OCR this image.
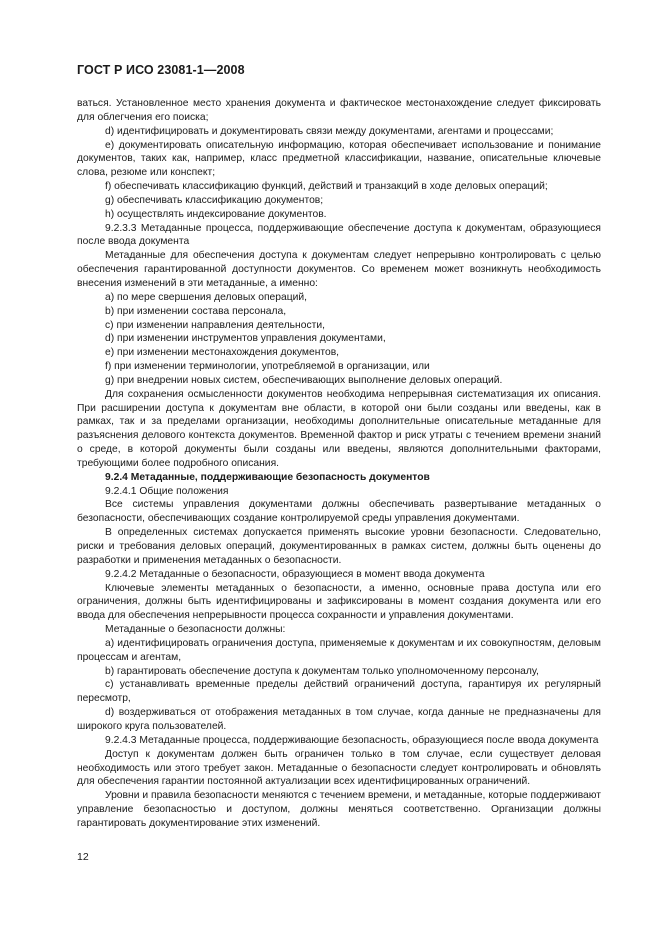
ГОСТ Р ИСО 23081-1—2008

ваться. Установленное место хранения документа и фактическое местонахождение следует фиксировать для облегчения его поиска;

d) идентифицировать и документировать связи между документами, агентами и процессами;

е) документировать описательную информацию, которая обеспечивает использование и понимание документов, таких как, например, класс предметной классификации, название, описательные ключевые слова, резюме или конспект;

f) обеспечивать классификацию функций, действий и транзакций в ходе деловых операций;

g) обеспечивать классификацию документов;

h) осуществлять индексирование документов.

9.2.3.3 Метаданные процесса, поддерживающие обеспечение доступа к документам, образующиеся после ввода документа

Метаданные для обеспечения доступа к документам следует непрерывно контролировать с целью обеспечения гарантированной доступности документов. Со временем может возникнуть необходимость внесения изменений в эти метаданные, а именно:

a) по мере свершения деловых операций,

b) при изменении состава персонала,

c) при изменении направления деятельности,

d) при изменении инструментов управления документами,

e) при изменении местонахождения документов,

f) при изменении терминологии, употребляемой в организации, или

g) при внедрении новых систем, обеспечивающих выполнение деловых операций.

Для сохранения осмысленности документов необходима непрерывная систематизация их описания. При расширении доступа к документам вне области, в которой они были созданы или введены, как в рамках, так и за пределами организации, необходимы дополнительные описательные метаданные для разъяснения делового контекста документов. Временной фактор и риск утраты с течением времени знаний о среде, в которой документы были созданы или введены, являются дополнительными факторами, требующими более подробного описания.

9.2.4 Метаданные, поддерживающие безопасность документов

9.2.4.1 Общие положения

Все системы управления документами должны обеспечивать развертывание метаданных о безопасности, обеспечивающих создание контролируемой среды управления документами.

В определенных системах допускается применять высокие уровни безопасности. Следовательно, риски и требования деловых операций, документированных в рамках систем, должны быть оценены до разработки и применения метаданных о безопасности.

9.2.4.2 Метаданные о безопасности, образующиеся в момент ввода документа

Ключевые элементы метаданных о безопасности, а именно, основные права доступа или его ограничения, должны быть идентифицированы и зафиксированы в момент создания документа или его ввода для обеспечения непрерывности процесса сохранности и управления документами.

Метаданные о безопасности должны:

a) идентифицировать ограничения доступа, применяемые к документам и их совокупностям, деловым процессам и агентам,

b) гарантировать обеспечение доступа к документам только уполномоченному персоналу,

c) устанавливать временные пределы действий ограничений доступа, гарантируя их регулярный пересмотр,

d) воздерживаться от отображения метаданных в том случае, когда данные не предназначены для широкого круга пользователей.

9.2.4.3 Метаданные процесса, поддерживающие безопасность, образующиеся после ввода документа

Доступ к документам должен быть ограничен только в том случае, если существует деловая необходимость или этого требует закон. Метаданные о безопасности следует контролировать и обновлять для обеспечения гарантии постоянной актуализации всех идентифицированных ограничений.

Уровни и правила безопасности меняются с течением времени, и метаданные, которые поддерживают управление безопасностью и доступом, должны меняться соответственно. Организации должны гарантировать документирование этих изменений.

12
